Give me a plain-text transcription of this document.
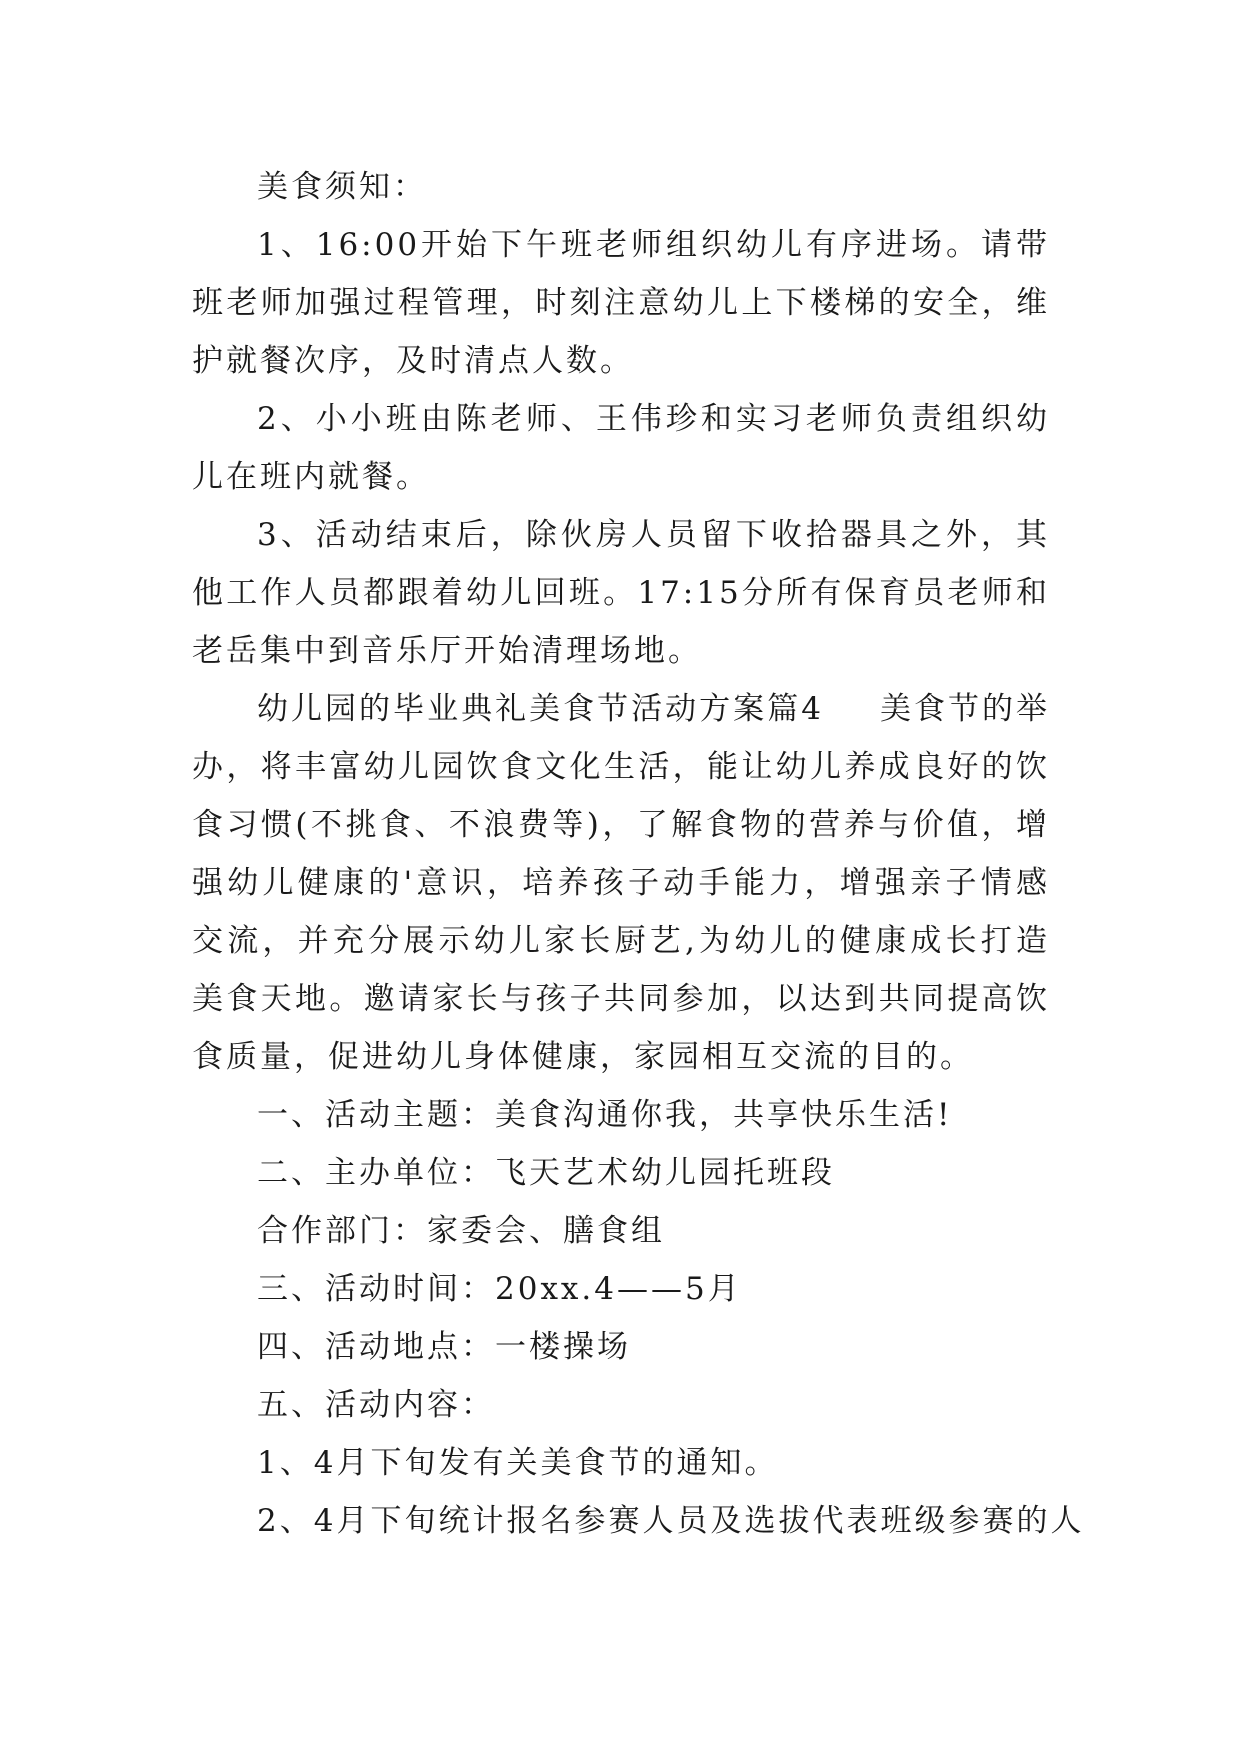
美食须知：

1、16:00开始下午班老师组织幼儿有序进场。请带班老师加强过程管理，时刻注意幼儿上下楼梯的安全，维护就餐次序，及时清点人数。

2、小小班由陈老师、王伟珍和实习老师负责组织幼儿在班内就餐。

3、活动结束后，除伙房人员留下收拾器具之外，其他工作人员都跟着幼儿回班。17:15分所有保育员老师和老岳集中到音乐厅开始清理场地。

幼儿园的毕业典礼美食节活动方案篇4 美食节的举办，将丰富幼儿园饮食文化生活，能让幼儿养成良好的饮食习惯(不挑食、不浪费等)，了解食物的营养与价值，增强幼儿健康的'意识，培养孩子动手能力，增强亲子情感交流，并充分展示幼儿家长厨艺,为幼儿的健康成长打造美食天地。邀请家长与孩子共同参加，以达到共同提高饮食质量，促进幼儿身体健康，家园相互交流的目的。

一、活动主题：美食沟通你我，共享快乐生活!

二、主办单位：飞天艺术幼儿园托班段

合作部门：家委会、膳食组

三、活动时间：20xx.4——5月

四、活动地点：一楼操场

五、活动内容：

1、4月下旬发有关美食节的通知。

2、4月下旬统计报名参赛人员及选拔代表班级参赛的人
